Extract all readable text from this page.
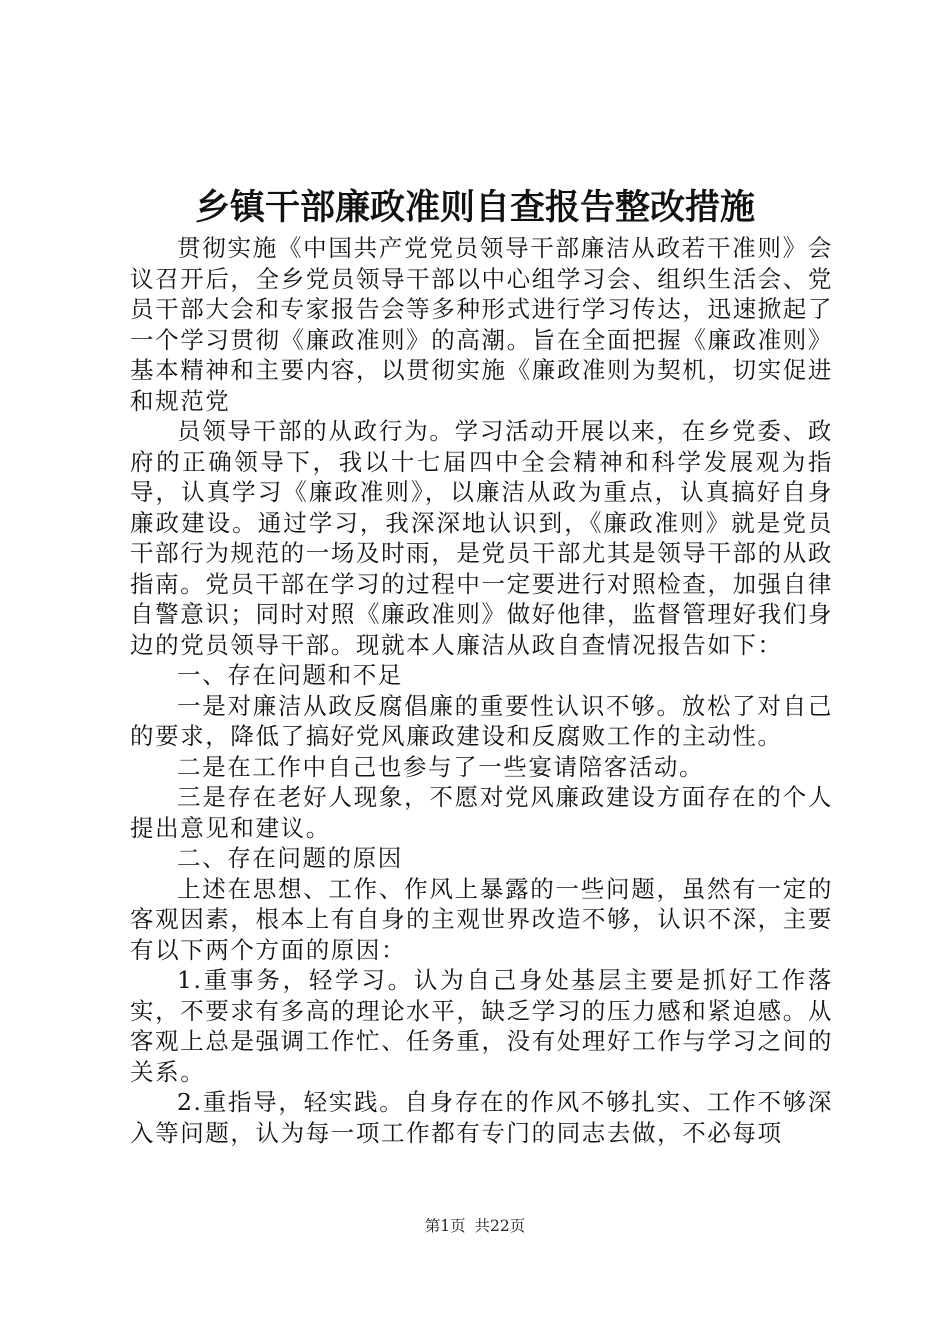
乡镇干部廉政准则自查报告整改措施

贯彻实施《中国共产党党员领导干部廉洁从政若干准则》会议召开后，全乡党员领导干部以中心组学习会、组织生活会、党员干部大会和专家报告会等多种形式进行学习传达，迅速掀起了一个学习贯彻《廉政准则》的高潮。旨在全面把握《廉政准则》基本精神和主要内容，以贯彻实施《廉政准则为契机，切实促进和规范党

员领导干部的从政行为。学习活动开展以来，在乡党委、政府的正确领导下，我以十七届四中全会精神和科学发展观为指导，认真学习《廉政准则》，以廉洁从政为重点，认真搞好自身廉政建设。通过学习，我深深地认识到，《廉政准则》就是党员干部行为规范的一场及时雨，是党员干部尤其是领导干部的从政指南。党员干部在学习的过程中一定要进行对照检查，加强自律自警意识；同时对照《廉政准则》做好他律，监督管理好我们身边的党员领导干部。现就本人廉洁从政自查情况报告如下：

一、存在问题和不足

一是对廉洁从政反腐倡廉的重要性认识不够。放松了对自己的要求，降低了搞好党风廉政建设和反腐败工作的主动性。

二是在工作中自己也参与了一些宴请陪客活动。

三是存在老好人现象，不愿对党风廉政建设方面存在的个人提出意见和建议。

二、存在问题的原因

上述在思想、工作、作风上暴露的一些问题，虽然有一定的客观因素，根本上有自身的主观世界改造不够，认识不深，主要有以下两个方面的原因：

1.重事务，轻学习。认为自己身处基层主要是抓好工作落实，不要求有多高的理论水平，缺乏学习的压力感和紧迫感。从客观上总是强调工作忙、任务重，没有处理好工作与学习之间的关系。

2.重指导，轻实践。自身存在的作风不够扎实、工作不够深入等问题，认为每一项工作都有专门的同志去做，不必每项

第1页 共22页
